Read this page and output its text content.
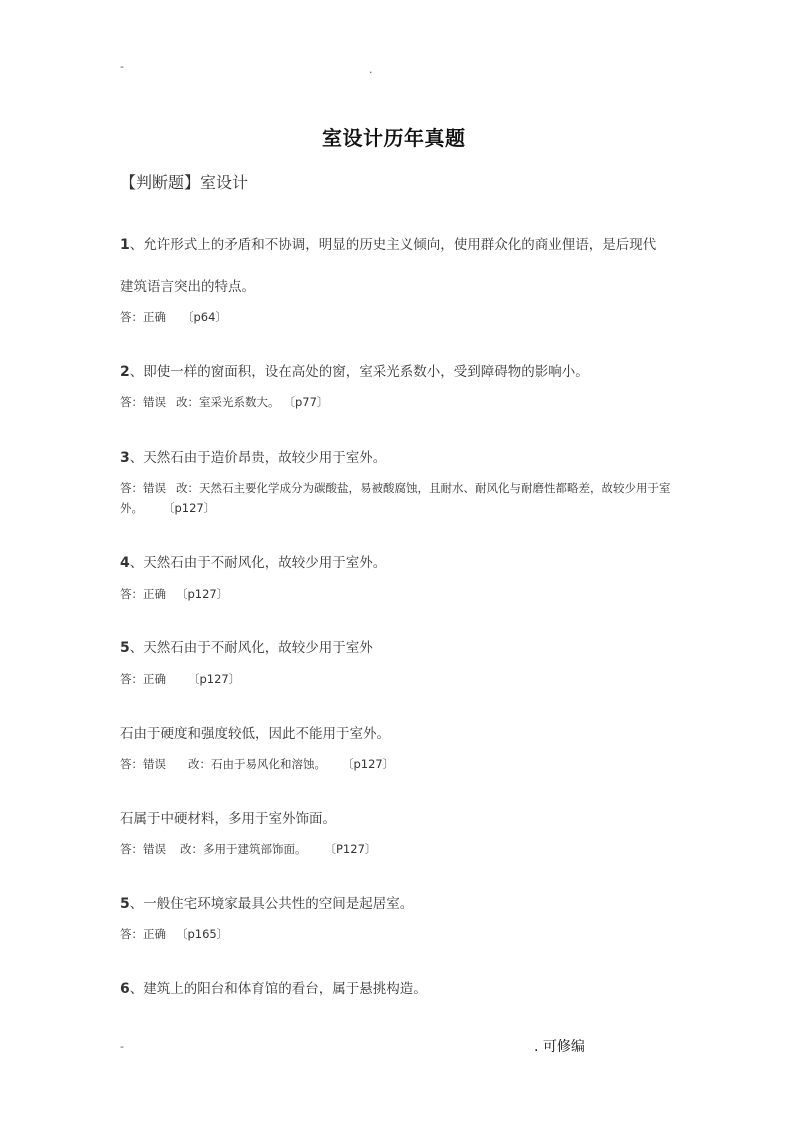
-	.
室设计历年真题
【判断题】室设计
1、允许形式上的矛盾和不协调，明显的历史主义倾向，使用群众化的商业俚语，是后现代
建筑语言突出的特点。
答：正确 〔p64〕
2、即使一样的窗面积，设在高处的窗，室采光系数小，受到障碍物的影响小。
答：错误 改：室采光系数大。 〔p77〕
3、天然石由于造价昂贵，故较少用于室外。
答：错误 改：天然石主要化学成分为碳酸盐，易被酸腐蚀，且耐水、耐风化与耐磨性都略差，故较少用于室外。 〔p127〕
4、天然石由于不耐风化，故较少用于室外。
答：正确 〔p127〕
5、天然石由于不耐风化，故较少用于室外
答：正确 〔p127〕
石由于硬度和强度较低，因此不能用于室外。
答：错误 改：石由于易风化和溶蚀。 〔p127〕
石属于中硬材料，多用于室外饰面。
答：错误 改：多用于建筑部饰面。 〔P127〕
5、一般住宅环境家最具公共性的空间是起居室。
答：正确 〔p165〕
6、建筑上的阳台和体育馆的看台，属于悬挑构造。
-	. 可修编
